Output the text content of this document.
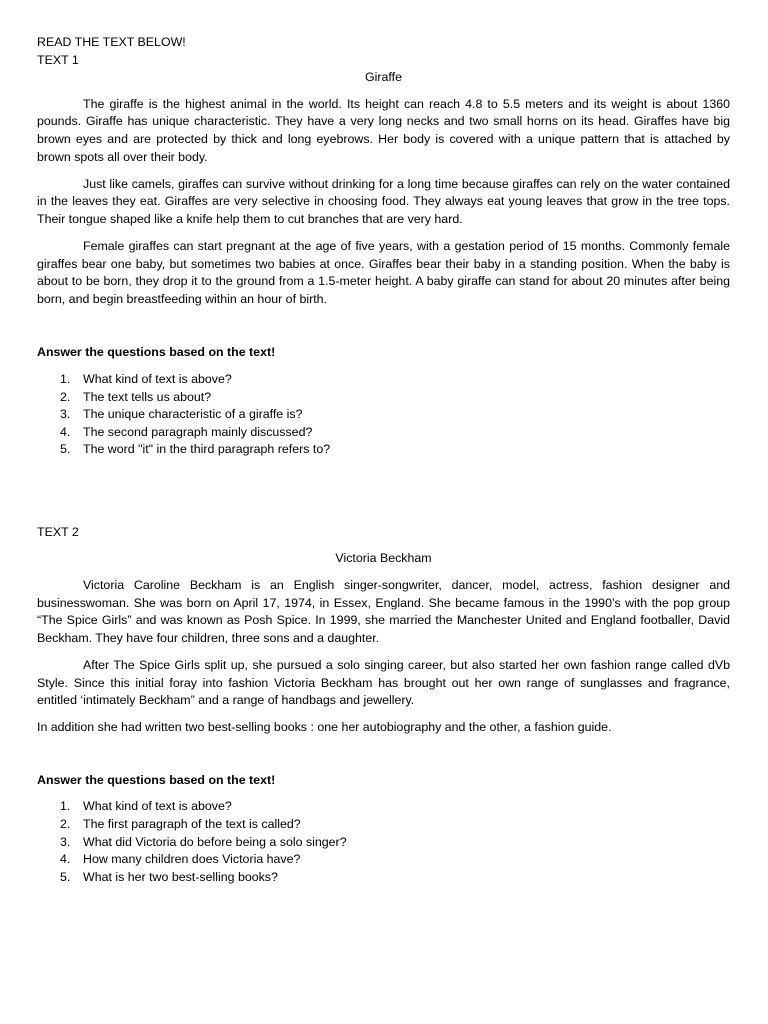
READ THE TEXT BELOW!

TEXT 1

Giraffe

The giraffe is the highest animal in the world. Its height can reach 4.8 to 5.5 meters and its weight is about 1360 pounds. Giraffe has unique characteristic. They have a very long necks and two small horns on its head. Giraffes have big brown eyes and are protected by thick and long eyebrows. Her body is covered with a unique pattern that is attached by brown spots all over their body.

Just like camels, giraffes can survive without drinking for a long time because giraffes can rely on the water contained in the leaves they eat. Giraffes are very selective in choosing food. They always eat young leaves that grow in the tree tops. Their tongue shaped like a knife help them to cut branches that are very hard.

Female giraffes can start pregnant at the age of five years, with a gestation period of 15 months. Commonly female giraffes bear one baby, but sometimes two babies at once. Giraffes bear their baby in a standing position. When the baby is about to be born, they drop it to the ground from a 1.5-meter height. A baby giraffe can stand for about 20 minutes after being born, and begin breastfeeding within an hour of birth.

Answer the questions based on the text!

1. What kind of text is above?
2. The text tells us about?
3. The unique characteristic of a giraffe is?
4. The second paragraph mainly discussed?
5. The word "it" in the third paragraph refers to?

TEXT 2

Victoria Beckham

Victoria Caroline Beckham is an English singer-songwriter, dancer, model, actress, fashion designer and businesswoman. She was born on April 17, 1974, in Essex, England. She became famous in the 1990’s with the pop group “The Spice Girls” and was known as Posh Spice. In 1999, she married the Manchester United and England footballer, David Beckham. They have four children, three sons and a daughter.

After The Spice Girls split up, she pursued a solo singing career, but also started her own fashion range called dVb Style. Since this initial foray into fashion Victoria Beckham has brought out her own range of sunglasses and fragrance, entitled ‘intimately Beckham” and a range of handbags and jewellery.

In addition she had written two best-selling books : one her autobiography and the other, a fashion guide.

Answer the questions based on the text!

1. What kind of text is above?
2. The first paragraph of the text is called?
3. What did Victoria do before being a solo singer?
4. How many children does Victoria have?
5. What is her two best-selling books?
